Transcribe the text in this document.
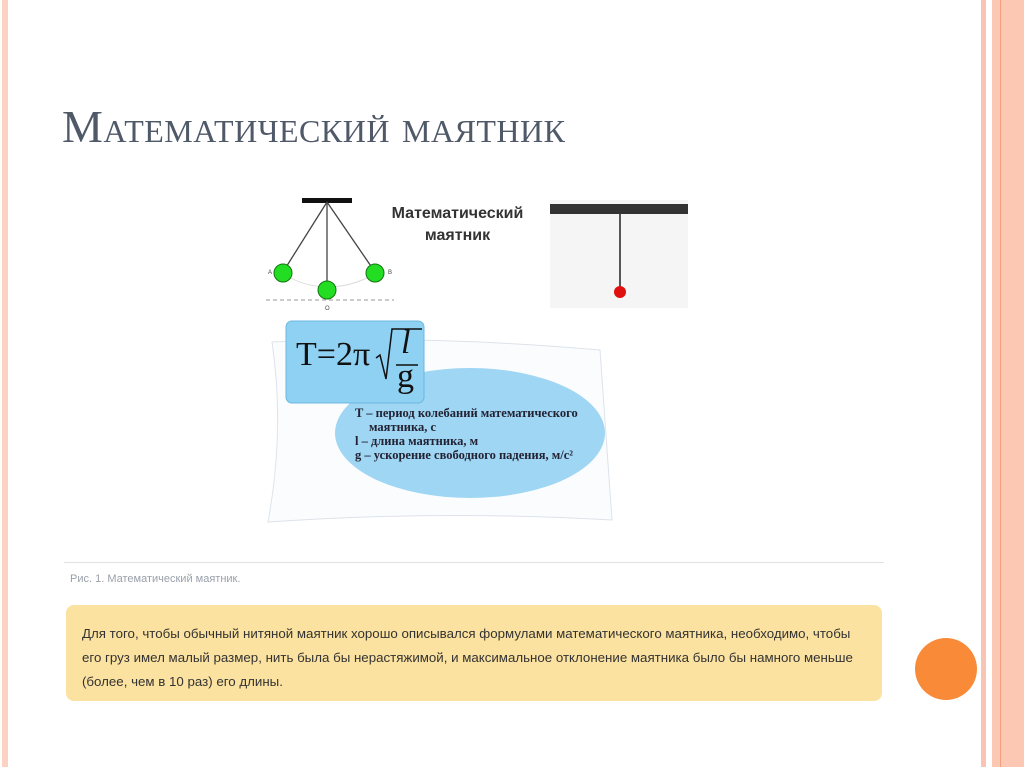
Математический маятник
A	B
O
Математический
маятник
T=2π l
g
T – период колебаний математического
маятника, с
l – длина маятника, м
g – ускорение свободного падения, м/с²
Рис. 1. Математический маятник.
Для того, чтобы обычный нитяной маятник хорошо описывался формулами математического маятника, необходимо, чтобы его груз имел малый размер, нить была бы нерастяжимой, и максимальное отклонение маятника было бы намного меньше (более, чем в 10 раз) его длины.
